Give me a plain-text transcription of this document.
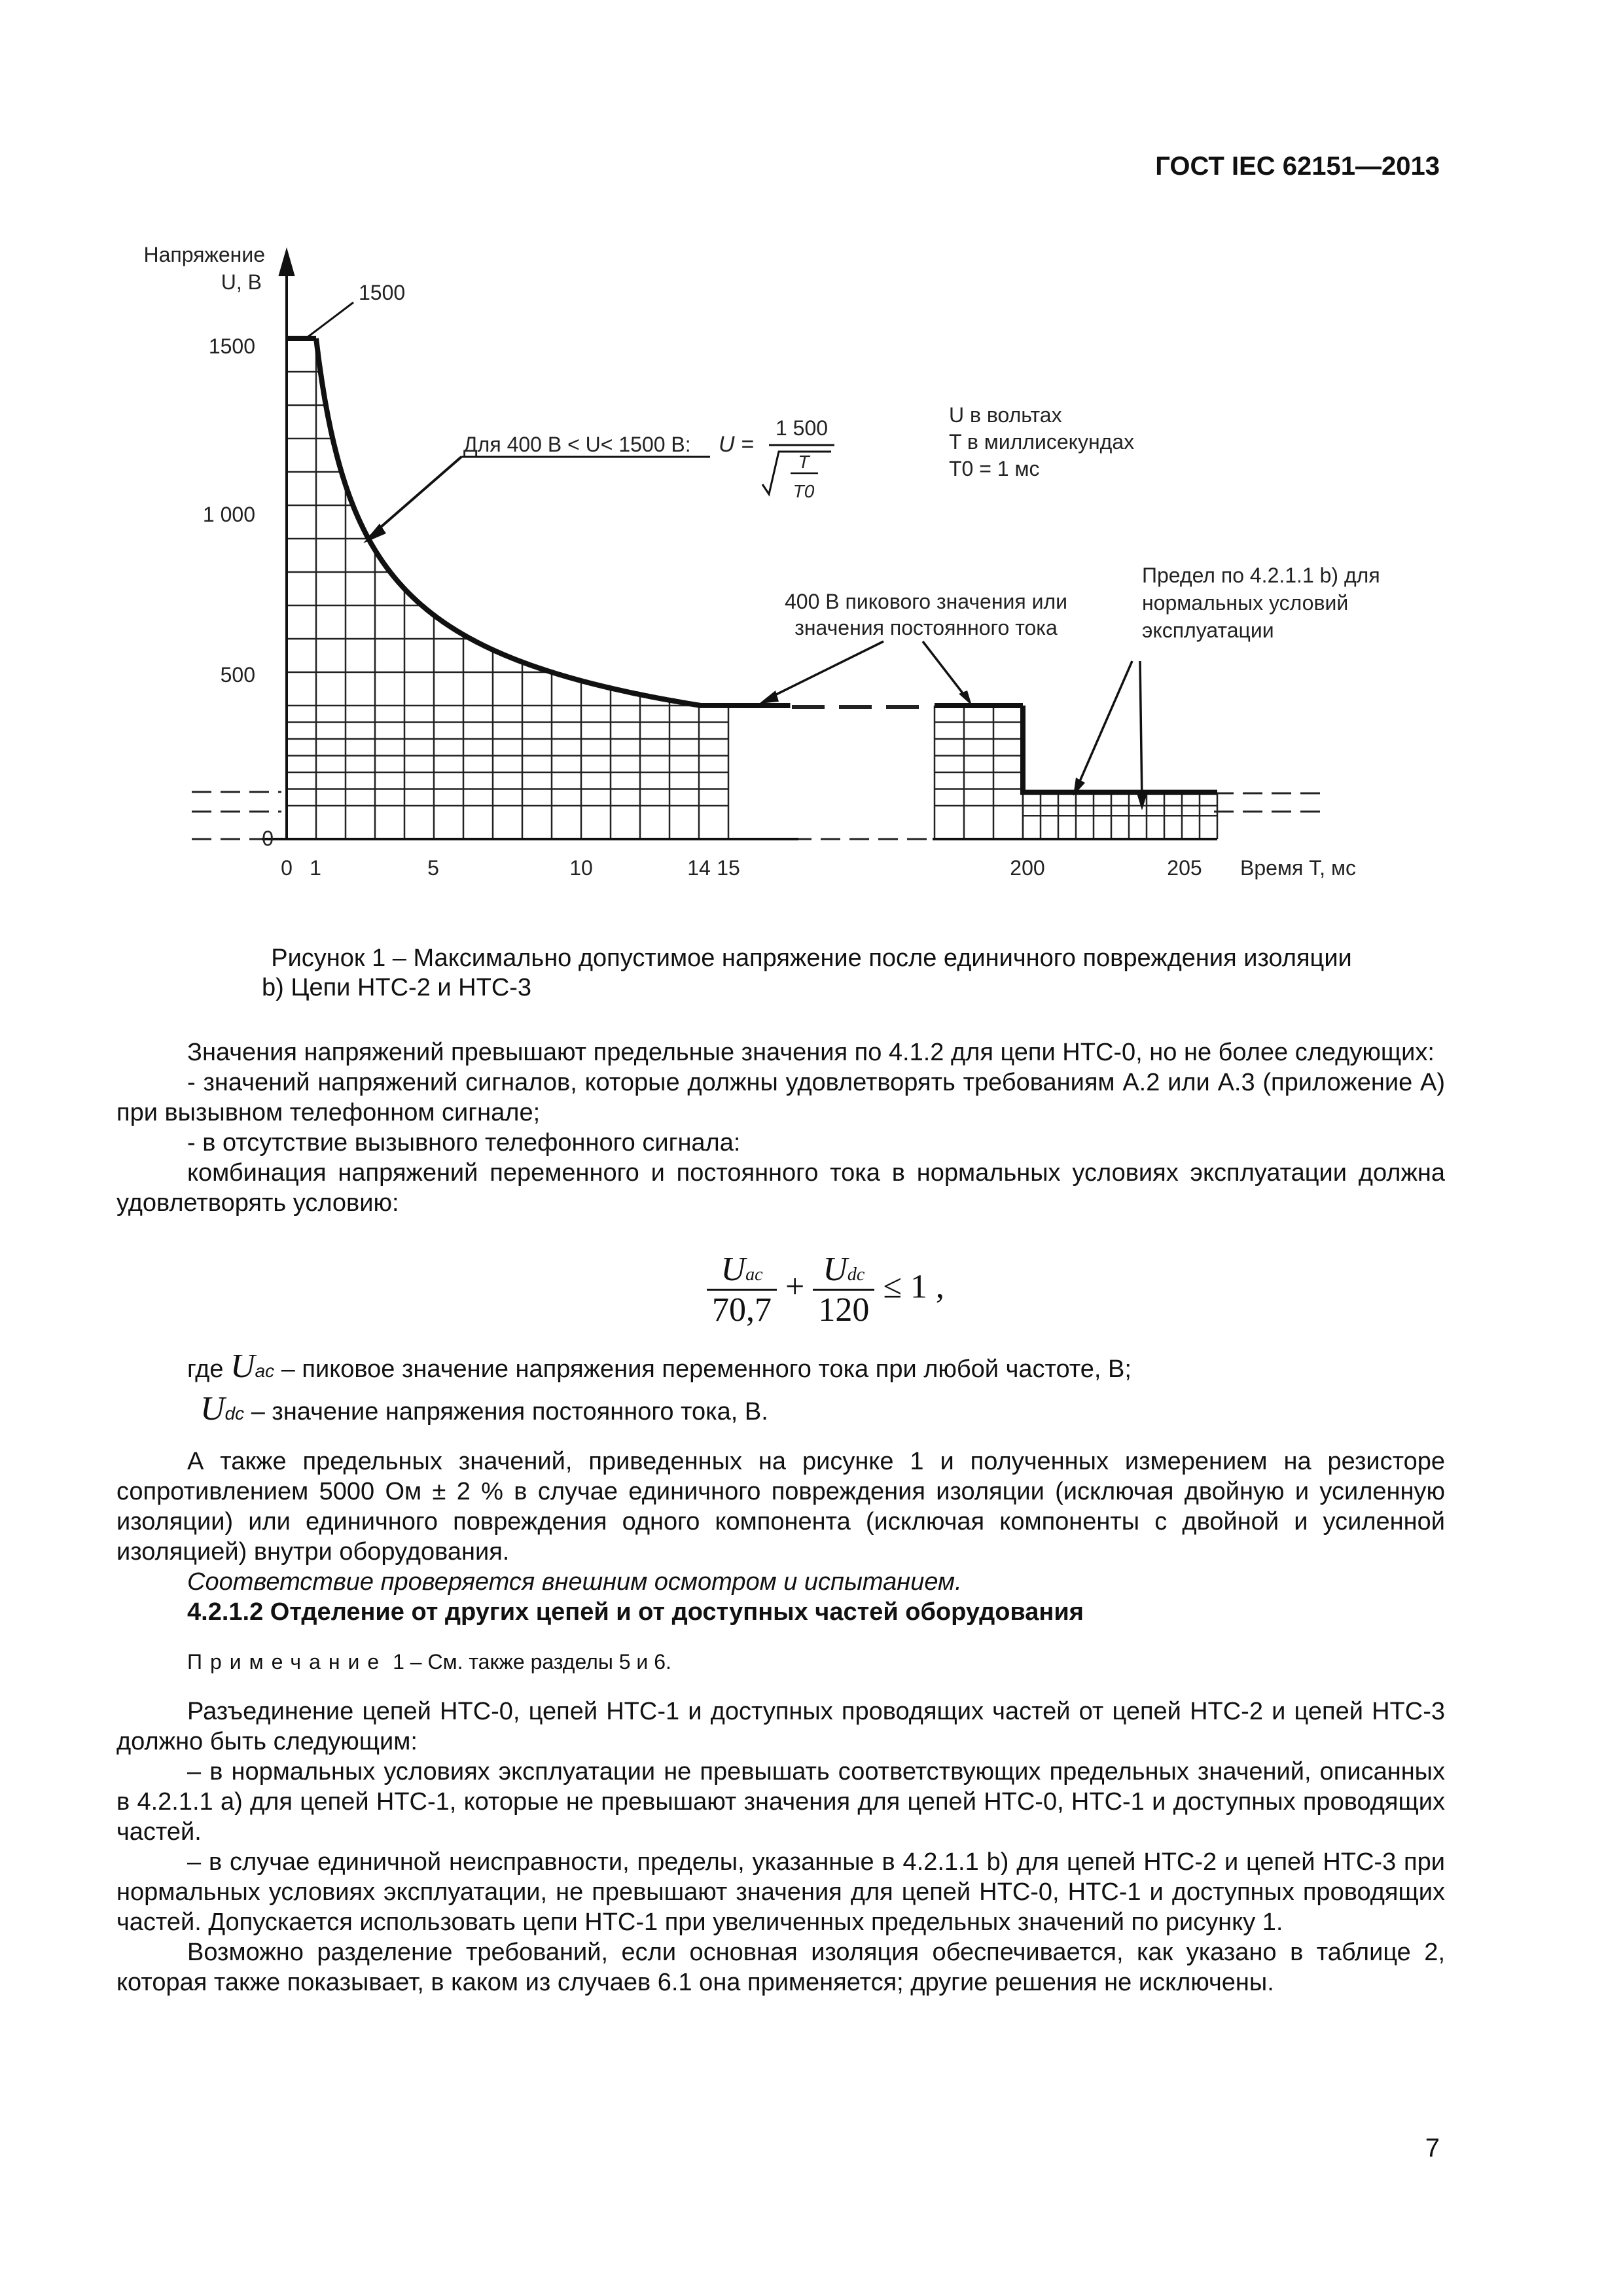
ГОСТ IEC 62151—2013
1500
1 000
500
0
Напряжение
U, В
0 1	5	10	14 15	200	205 Время T, мс
1500
Для 400 В < U< 1500 В: U =
1 500
T
T0
U в вольтах
T в миллисекундах
T0 = 1 мс
400 В пикового значения или
значения постоянного тока
Предел по 4.2.1.1 b) для
нормальных условий
эксплуатации
Рисунок 1 – Максимально допустимое напряжение после единичного повреждения изоляции
b) Цепи НТС-2 и НТС-3

Значения напряжений превышают предельные значения по 4.1.2 для цепи НТС-0, но не более следующих:

- значений напряжений сигналов, которые должны удовлетворять требованиям А.2 или А.3 (приложение А) при вызывном телефонном сигнале;

- в отсутствие вызывного телефонного сигнала:

комбинация напряжений переменного и постоянного тока в нормальных условиях эксплуатации должна удовлетворять условию:

$\frac{\text{Uac}}{70,7} + \frac{\text{Udc}}{120} \le 1$ ,

где Uac – пиковое значение напряжения переменного тока при любой частоте, В;

Udc – значение напряжения постоянного тока, В.

А также предельных значений, приведенных на рисунке 1 и полученных измерением на резисторе сопротивлением 5000 Ом ± 2 % в случае единичного повреждения изоляции (исключая двойную и усиленную изоляции) или единичного повреждения одного компонента (исключая компоненты с двойной и усиленной изоляцией) внутри оборудования.

Соответствие проверяется внешним осмотром и испытанием.

4.2.1.2 Отделение от других цепей и от доступных частей оборудования

Примечание 1 – См. также разделы 5 и 6.

Разъединение цепей НТС-0, цепей НТС-1 и доступных проводящих частей от цепей НТС-2 и цепей НТС-3 должно быть следующим:

– в нормальных условиях эксплуатации не превышать соответствующих предельных значений, описанных в 4.2.1.1 а) для цепей НТС-1, которые не превышают значения для цепей НТС-0, НТС-1 и доступных проводящих частей.

– в случае единичной неисправности, пределы, указанные в 4.2.1.1 b) для цепей НТС-2 и цепей НТС-3 при нормальных условиях эксплуатации, не превышают значения для цепей НТС-0, НТС-1 и доступных проводящих частей. Допускается использовать цепи НТС-1 при увеличенных предельных значений по рисунку 1.

Возможно разделение требований, если основная изоляция обеспечивается, как указано в таблице 2, которая также показывает, в каком из случаев 6.1 она применяется; другие решения не исключены.

7
